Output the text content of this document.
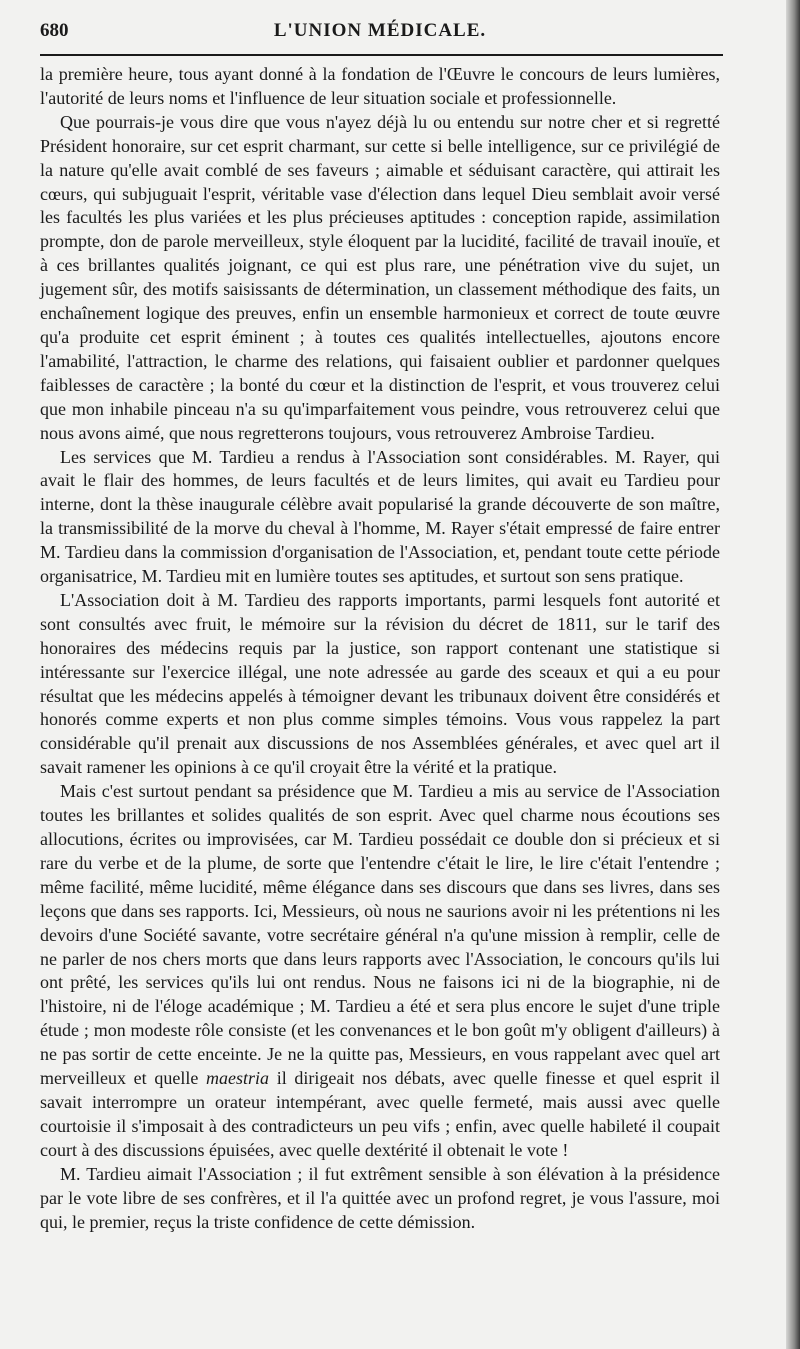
680	L'UNION MÉDICALE.

la première heure, tous ayant donné à la fondation de l'Œuvre le concours de leurs lumières, l'autorité de leurs noms et l'influence de leur situation sociale et professionnelle.

Que pourrais-je vous dire que vous n'ayez déjà lu ou entendu sur notre cher et si regretté Président honoraire, sur cet esprit charmant, sur cette si belle intelligence, sur ce privilégié de la nature qu'elle avait comblé de ses faveurs ; aimable et séduisant caractère, qui attirait les cœurs, qui subjuguait l'esprit, véritable vase d'élection dans lequel Dieu semblait avoir versé les facultés les plus variées et les plus précieuses aptitudes : conception rapide, assimilation prompte, don de parole merveilleux, style éloquent par la lucidité, facilité de travail inouïe, et à ces brillantes qualités joignant, ce qui est plus rare, une pénétration vive du sujet, un jugement sûr, des motifs saisissants de détermination, un classement méthodique des faits, un enchaînement logique des preuves, enfin un ensemble harmonieux et correct de toute œuvre qu'a produite cet esprit éminent ; à toutes ces qualités intellectuelles, ajoutons encore l'amabilité, l'attraction, le charme des relations, qui faisaient oublier et pardonner quelques faiblesses de caractère ; la bonté du cœur et la distinction de l'esprit, et vous trouverez celui que mon inhabile pinceau n'a su qu'imparfaitement vous peindre, vous retrouverez celui que nous avons aimé, que nous regretterons toujours, vous retrouverez Ambroise Tardieu.

Les services que M. Tardieu a rendus à l'Association sont considérables. M. Rayer, qui avait le flair des hommes, de leurs facultés et de leurs limites, qui avait eu Tardieu pour interne, dont la thèse inaugurale célèbre avait popularisé la grande découverte de son maître, la transmissibilité de la morve du cheval à l'homme, M. Rayer s'était empressé de faire entrer M. Tardieu dans la commission d'organisation de l'Association, et, pendant toute cette période organisatrice, M. Tardieu mit en lumière toutes ses aptitudes, et surtout son sens pratique.

L'Association doit à M. Tardieu des rapports importants, parmi lesquels font autorité et sont consultés avec fruit, le mémoire sur la révision du décret de 1811, sur le tarif des honoraires des médecins requis par la justice, son rapport contenant une statistique si intéressante sur l'exercice illégal, une note adressée au garde des sceaux et qui a eu pour résultat que les médecins appelés à témoigner devant les tribunaux doivent être considérés et honorés comme experts et non plus comme simples témoins. Vous vous rappelez la part considérable qu'il prenait aux discussions de nos Assemblées générales, et avec quel art il savait ramener les opinions à ce qu'il croyait être la vérité et la pratique.

Mais c'est surtout pendant sa présidence que M. Tardieu a mis au service de l'Association toutes les brillantes et solides qualités de son esprit. Avec quel charme nous écoutions ses allocutions, écrites ou improvisées, car M. Tardieu possédait ce double don si précieux et si rare du verbe et de la plume, de sorte que l'entendre c'était le lire, le lire c'était l'entendre ; même facilité, même lucidité, même élégance dans ses discours que dans ses livres, dans ses leçons que dans ses rapports. Ici, Messieurs, où nous ne saurions avoir ni les prétentions ni les devoirs d'une Société savante, votre secrétaire général n'a qu'une mission à remplir, celle de ne parler de nos chers morts que dans leurs rapports avec l'Association, le concours qu'ils lui ont prêté, les services qu'ils lui ont rendus. Nous ne faisons ici ni de la biographie, ni de l'histoire, ni de l'éloge académique ; M. Tardieu a été et sera plus encore le sujet d'une triple étude ; mon modeste rôle consiste (et les convenances et le bon goût m'y obligent d'ailleurs) à ne pas sortir de cette enceinte. Je ne la quitte pas, Messieurs, en vous rappelant avec quel art merveilleux et quelle maestria il dirigeait nos débats, avec quelle finesse et quel esprit il savait interrompre un orateur intempérant, avec quelle fermeté, mais aussi avec quelle courtoisie il s'imposait à des contradicteurs un peu vifs ; enfin, avec quelle habileté il coupait court à des discussions épuisées, avec quelle dextérité il obtenait le vote !

M. Tardieu aimait l'Association ; il fut extrêment sensible à son élévation à la présidence par le vote libre de ses confrères, et il l'a quittée avec un profond regret, je vous l'assure, moi qui, le premier, reçus la triste confidence de cette démission.
